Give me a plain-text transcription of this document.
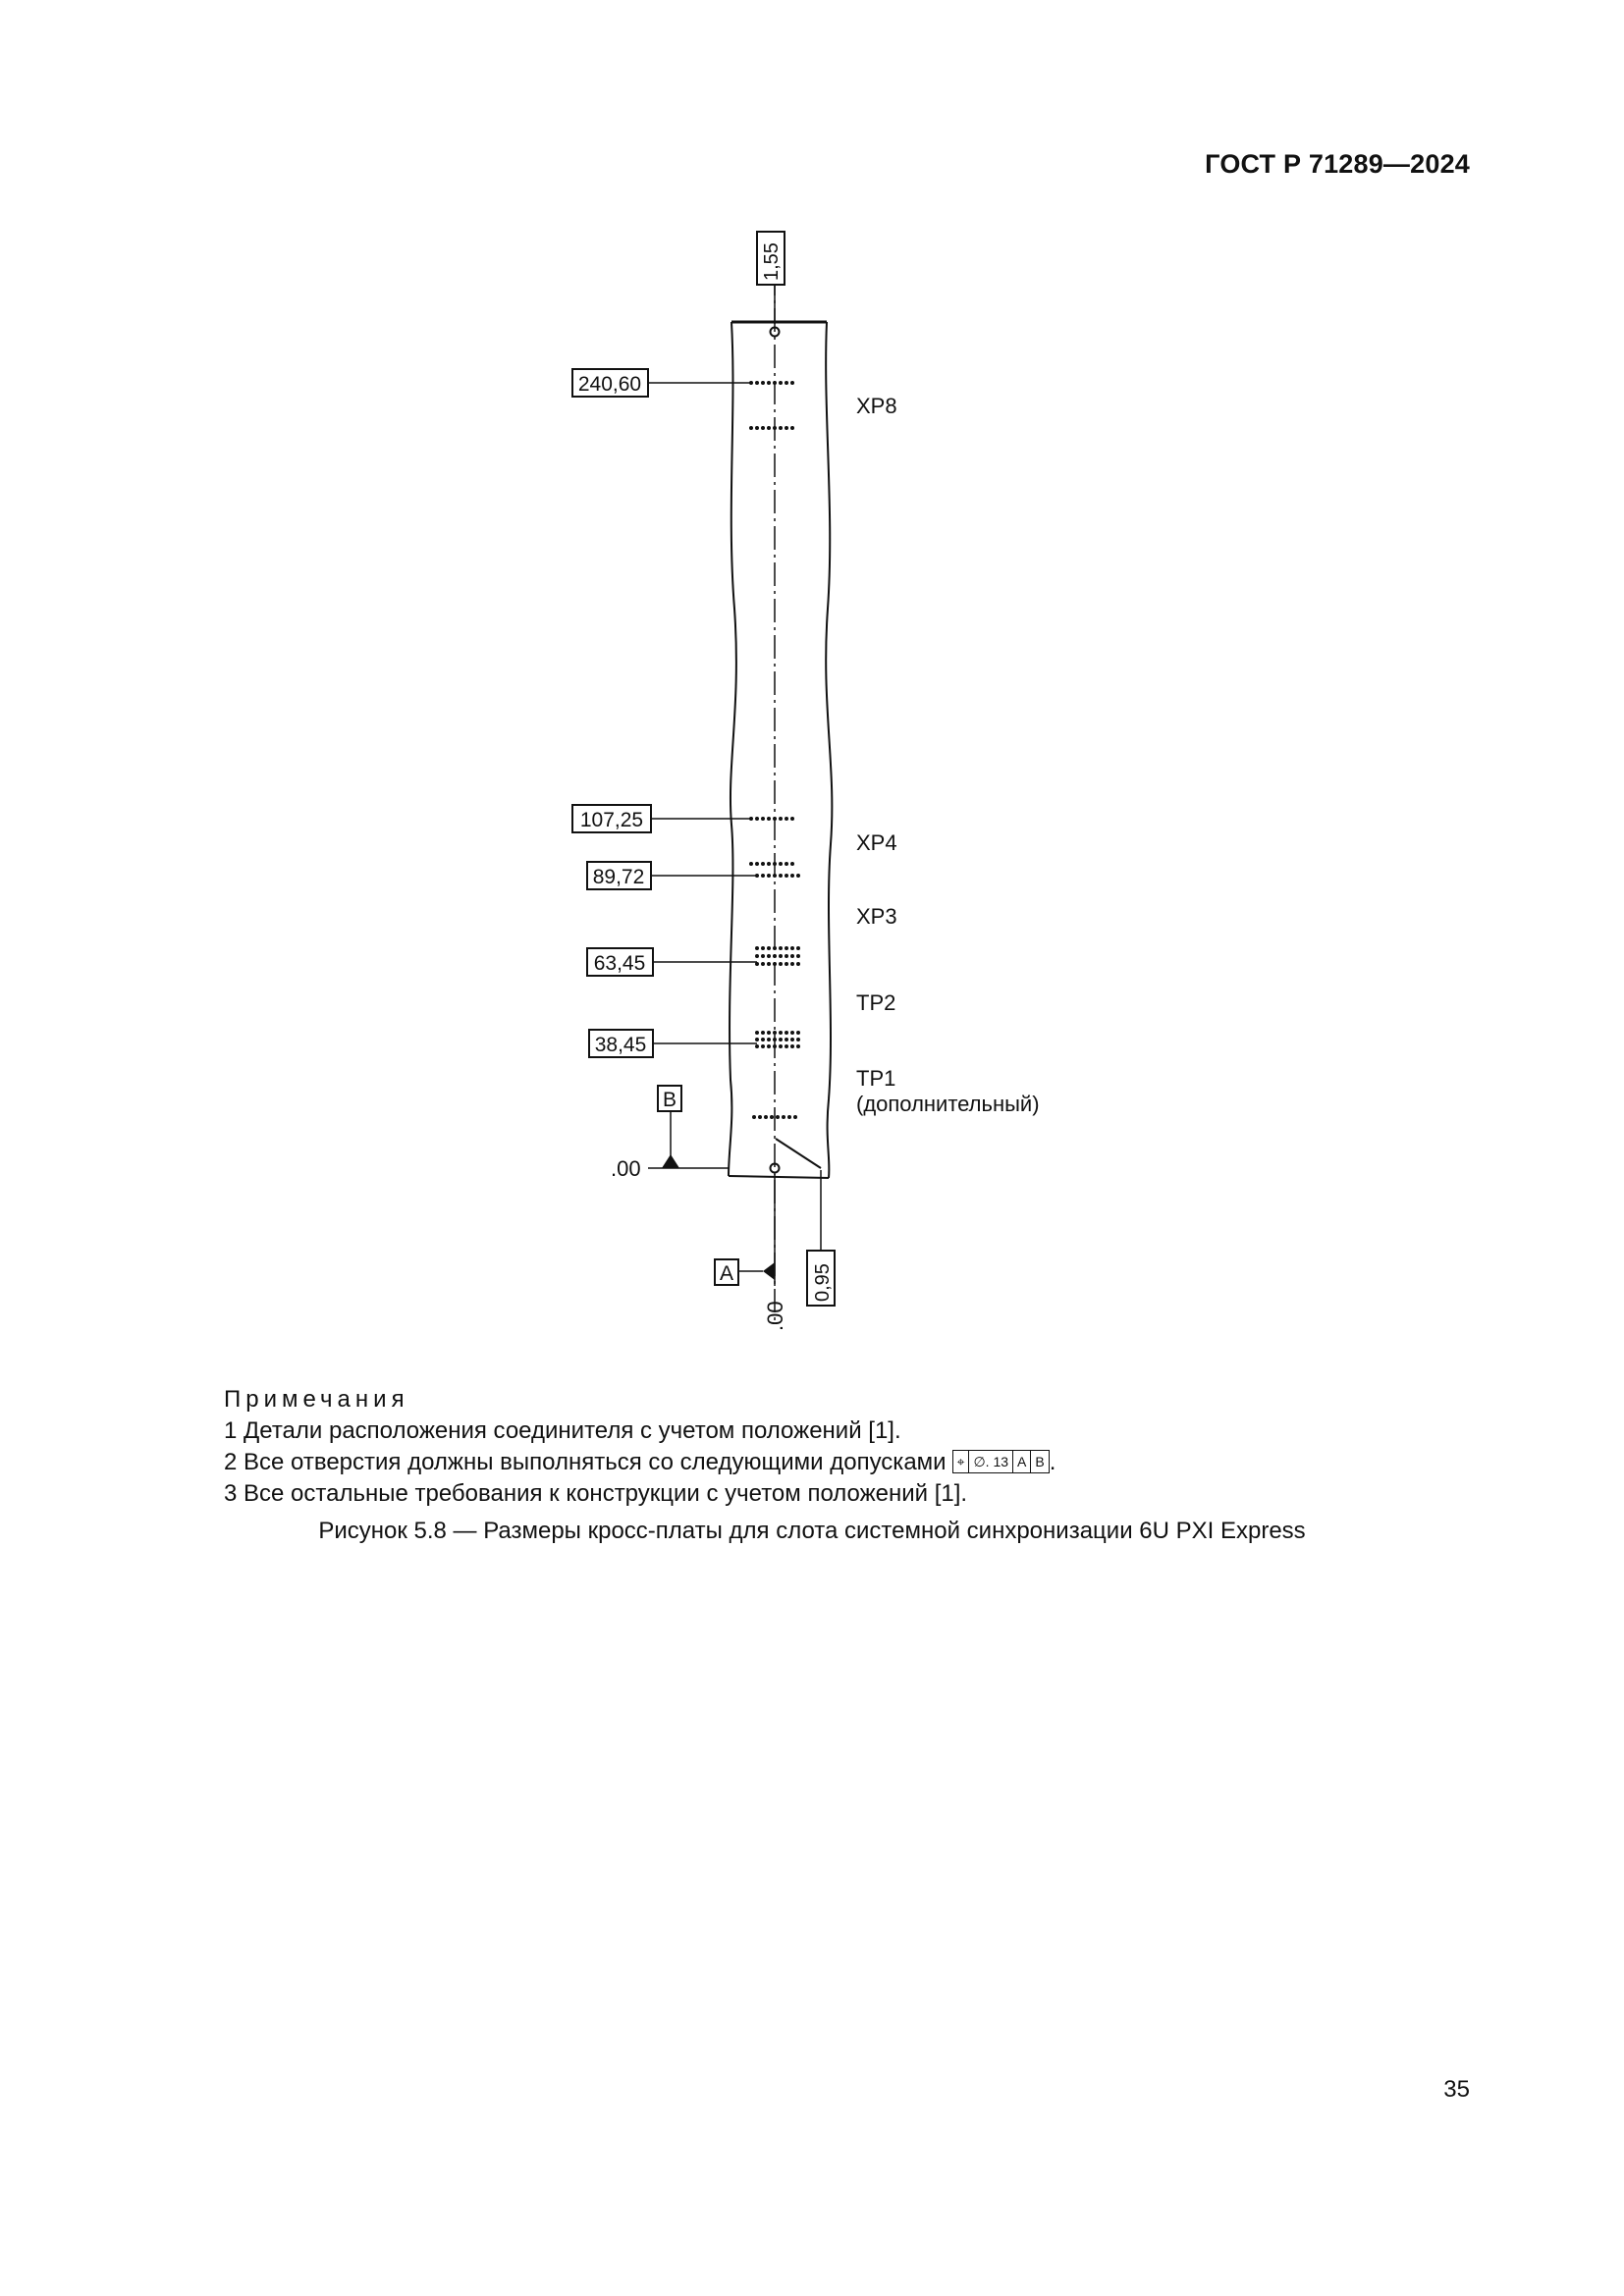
ГОСТ Р 71289—2024
1,55
240,60
107,25
89,72
63,45
38,45
XP8
XP4
XP3
TP2
TP1
(дополнительный)
B
.00
A
.00
0,95
Примечания
1 Детали расположения соединителя с учетом положений [1].
2 Все отверстия должны выполняться со следующими допусками ⌖ ∅. 13 A B .
3 Все остальные требования к конструкции с учетом положений [1].
Рисунок 5.8 — Размеры кросс-платы для слота системной синхронизации 6U PXI Express
35
